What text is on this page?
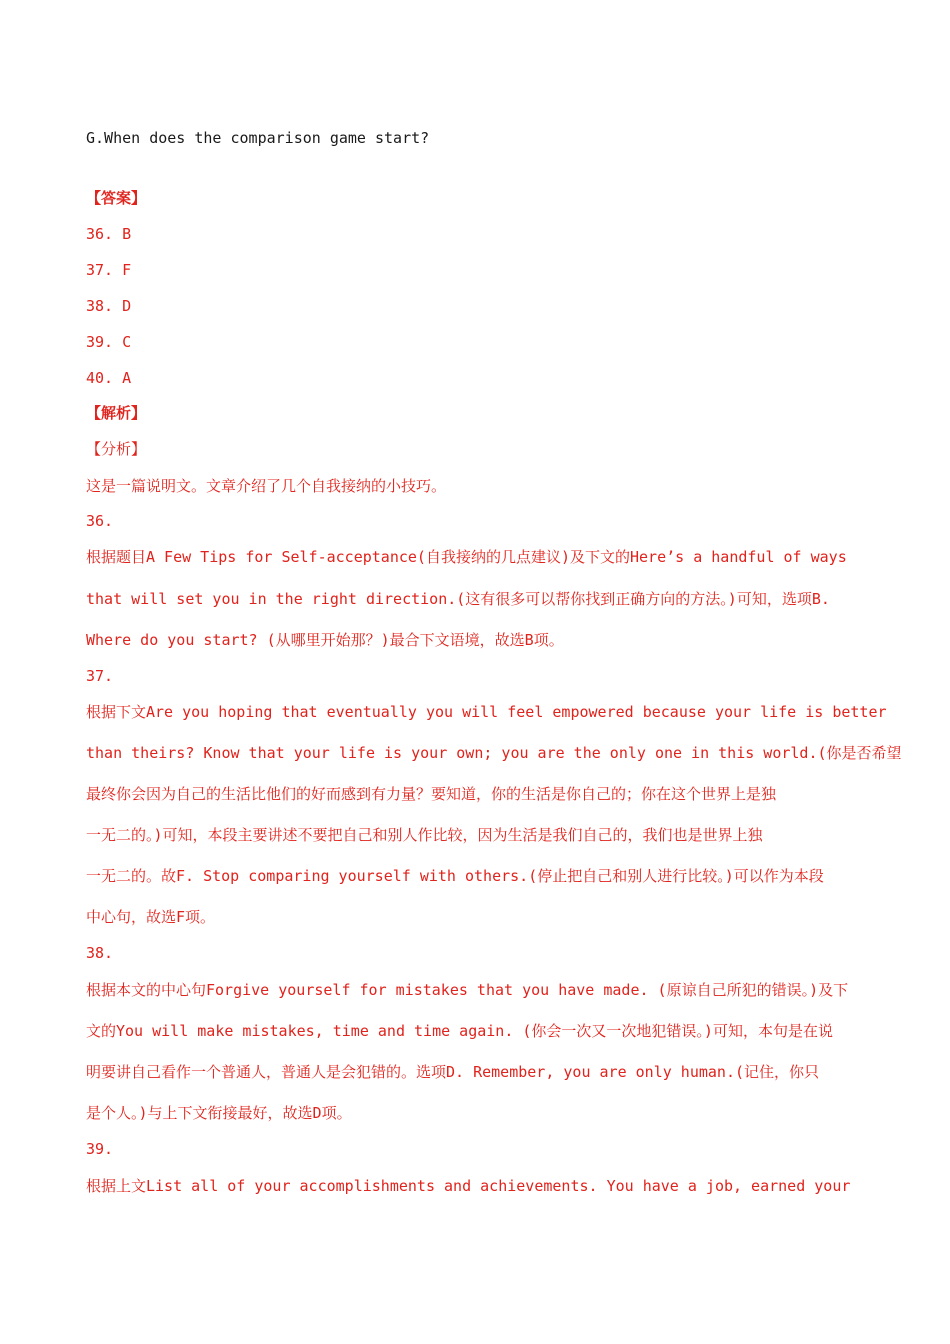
G.When does the comparison game start?
【答案】
36. B
37. F
38. D
39. C
40. A
【解析】
【分析】
这是一篇说明文。文章介绍了几个自我接纳的小技巧。
36.
根据题目A Few Tips for Self-acceptance(自我接纳的几点建议)及下文的Here’s a handful of ways
that will set you in the right direction.(这有很多可以帮你找到正确方向的方法。)可知，选项B.
Where do you start? (从哪里开始那？)最合下文语境，故选B项。
37.
根据下文Are you hoping that eventually you will feel empowered because your life is better
than theirs? Know that your life is your own; you are the only one in this world.(你是否希望
最终你会因为自己的生活比他们的好而感到有力量？要知道，你的生活是你自己的；你在这个世界上是独
一无二的。)可知，本段主要讲述不要把自己和别人作比较，因为生活是我们自己的，我们也是世界上独
一无二的。故F. Stop comparing yourself with others.(停止把自己和别人进行比较。)可以作为本段
中心句，故选F项。
38.
根据本文的中心句Forgive yourself for mistakes that you have made. (原谅自己所犯的错误。)及下
文的You will make mistakes, time and time again. (你会一次又一次地犯错误。)可知，本句是在说
明要讲自己看作一个普通人，普通人是会犯错的。选项D. Remember, you are only human.(记住，你只
是个人。)与上下文衔接最好，故选D项。
39.
根据上文List all of your accomplishments and achievements. You have a job, earned your
